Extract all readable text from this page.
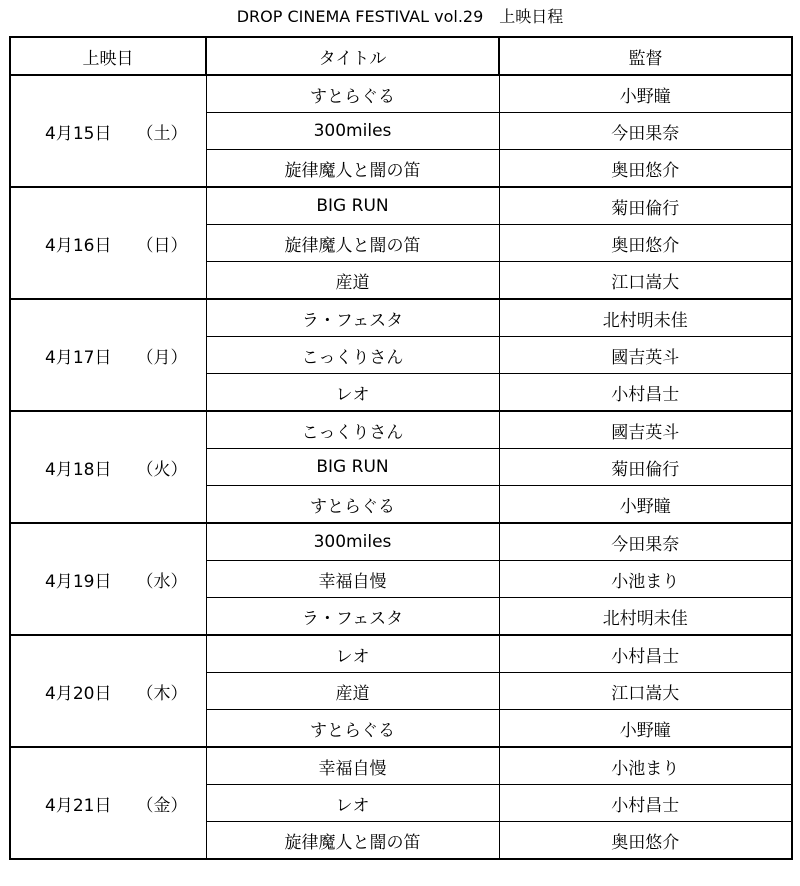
DROP CINEMA FESTIVAL vol.29　上映日程
上映日	タイトル	監督

4月15日 （土）	すとらぐる	小野瞳
	300miles	今田果奈
	旋律魔人と闇の笛	奥田悠介

4月16日 （日）	BIG RUN	菊田倫行
	旋律魔人と闇の笛	奥田悠介
	産道	江口嵩大

4月17日 （月）	ラ・フェスタ	北村明未佳
	こっくりさん	國吉英斗
	レオ	小村昌士

4月18日 （火）	こっくりさん	國吉英斗
	BIG RUN	菊田倫行
	すとらぐる	小野瞳

4月19日 （水）	300miles	今田果奈
	幸福自慢	小池まり
	ラ・フェスタ	北村明未佳

4月20日 （木）	レオ	小村昌士
	産道	江口嵩大
	すとらぐる	小野瞳

4月21日 （金）	幸福自慢	小池まり
	レオ	小村昌士
	旋律魔人と闇の笛	奥田悠介
